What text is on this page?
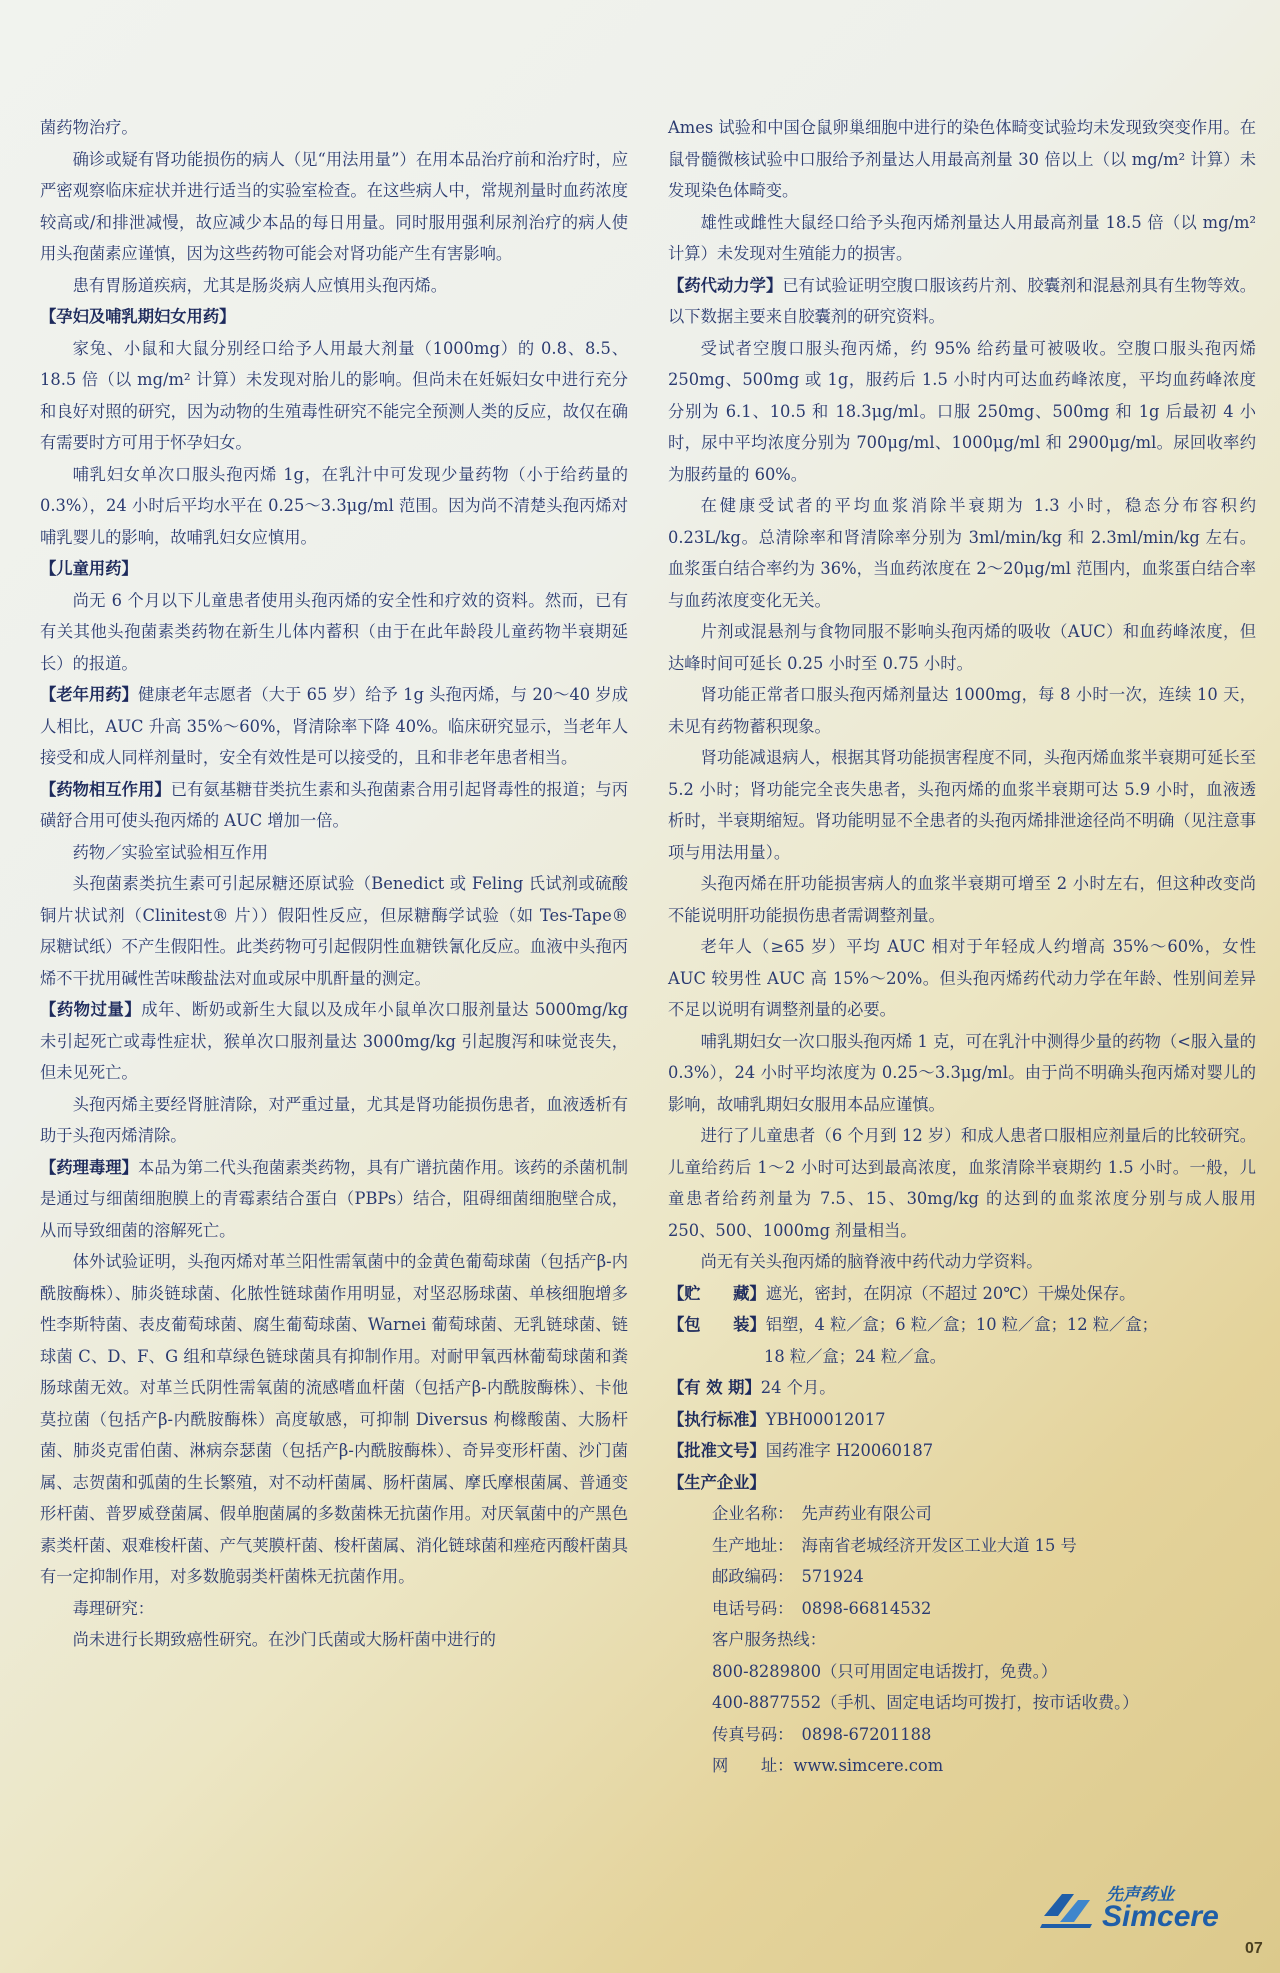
菌药物治疗。

确诊或疑有肾功能损伤的病人（见“用法用量”）在用本品治疗前和治疗时，应严密观察临床症状并进行适当的实验室检查。在这些病人中，常规剂量时血药浓度较高或/和排泄减慢，故应减少本品的每日用量。同时服用强利尿剂治疗的病人使用头孢菌素应谨慎，因为这些药物可能会对肾功能产生有害影响。

患有胃肠道疾病，尤其是肠炎病人应慎用头孢丙烯。

【孕妇及哺乳期妇女用药】

家兔、小鼠和大鼠分别经口给予人用最大剂量（1000mg）的 0.8、8.5、18.5 倍（以 mg/m² 计算）未发现对胎儿的影响。但尚未在妊娠妇女中进行充分和良好对照的研究，因为动物的生殖毒性研究不能完全预测人类的反应，故仅在确有需要时方可用于怀孕妇女。

哺乳妇女单次口服头孢丙烯 1g，在乳汁中可发现少量药物（小于给药量的 0.3%），24 小时后平均水平在 0.25～3.3μg/ml 范围。因为尚不清楚头孢丙烯对哺乳婴儿的影响，故哺乳妇女应慎用。

【儿童用药】

尚无 6 个月以下儿童患者使用头孢丙烯的安全性和疗效的资料。然而，已有有关其他头孢菌素类药物在新生儿体内蓄积（由于在此年龄段儿童药物半衰期延长）的报道。

【老年用药】健康老年志愿者（大于 65 岁）给予 1g 头孢丙烯，与 20～40 岁成人相比，AUC 升高 35%～60%，肾清除率下降 40%。临床研究显示，当老年人接受和成人同样剂量时，安全有效性是可以接受的，且和非老年患者相当。

【药物相互作用】已有氨基糖苷类抗生素和头孢菌素合用引起肾毒性的报道；与丙磺舒合用可使头孢丙烯的 AUC 增加一倍。

药物／实验室试验相互作用

头孢菌素类抗生素可引起尿糖还原试验（Benedict 或 Feling 氏试剂或硫酸铜片状试剂（Clinitest® 片））假阳性反应，但尿糖酶学试验（如 Tes-Tape® 尿糖试纸）不产生假阳性。此类药物可引起假阴性血糖铁氰化反应。血液中头孢丙烯不干扰用碱性苦味酸盐法对血或尿中肌酐量的测定。

【药物过量】成年、断奶或新生大鼠以及成年小鼠单次口服剂量达 5000mg/kg 未引起死亡或毒性症状，猴单次口服剂量达 3000mg/kg 引起腹泻和味觉丧失，但未见死亡。

头孢丙烯主要经肾脏清除，对严重过量，尤其是肾功能损伤患者，血液透析有助于头孢丙烯清除。

【药理毒理】本品为第二代头孢菌素类药物，具有广谱抗菌作用。该药的杀菌机制是通过与细菌细胞膜上的青霉素结合蛋白（PBPs）结合，阻碍细菌细胞壁合成，从而导致细菌的溶解死亡。

体外试验证明，头孢丙烯对革兰阳性需氧菌中的金黄色葡萄球菌（包括产β-内酰胺酶株）、肺炎链球菌、化脓性链球菌作用明显，对坚忍肠球菌、单核细胞增多性李斯特菌、表皮葡萄球菌、腐生葡萄球菌、Warnei 葡萄球菌、无乳链球菌、链球菌 C、D、F、G 组和草绿色链球菌具有抑制作用。对耐甲氧西林葡萄球菌和粪肠球菌无效。对革兰氏阴性需氧菌的流感嗜血杆菌（包括产β-内酰胺酶株）、卡他莫拉菌（包括产β-内酰胺酶株）高度敏感，可抑制 Diversus 枸橼酸菌、大肠杆菌、肺炎克雷伯菌、淋病奈瑟菌（包括产β-内酰胺酶株）、奇异变形杆菌、沙门菌属、志贺菌和弧菌的生长繁殖，对不动杆菌属、肠杆菌属、摩氏摩根菌属、普通变形杆菌、普罗威登菌属、假单胞菌属的多数菌株无抗菌作用。对厌氧菌中的产黑色素类杆菌、艰难梭杆菌、产气荚膜杆菌、梭杆菌属、消化链球菌和痤疮丙酸杆菌具有一定抑制作用，对多数脆弱类杆菌株无抗菌作用。

毒理研究：

尚未进行长期致癌性研究。在沙门氏菌或大肠杆菌中进行的

Ames 试验和中国仓鼠卵巢细胞中进行的染色体畸变试验均未发现致突变作用。在鼠骨髓微核试验中口服给予剂量达人用最高剂量 30 倍以上（以 mg/m² 计算）未发现染色体畸变。

雄性或雌性大鼠经口给予头孢丙烯剂量达人用最高剂量 18.5 倍（以 mg/m² 计算）未发现对生殖能力的损害。

【药代动力学】已有试验证明空腹口服该药片剂、胶囊剂和混悬剂具有生物等效。以下数据主要来自胶囊剂的研究资料。

受试者空腹口服头孢丙烯，约 95% 给药量可被吸收。空腹口服头孢丙烯 250mg、500mg 或 1g，服药后 1.5 小时内可达血药峰浓度，平均血药峰浓度分别为 6.1、10.5 和 18.3μg/ml。口服 250mg、500mg 和 1g 后最初 4 小时，尿中平均浓度分别为 700μg/ml、1000μg/ml 和 2900μg/ml。尿回收率约为服药量的 60%。

在健康受试者的平均血浆消除半衰期为 1.3 小时，稳态分布容积约 0.23L/kg。总清除率和肾清除率分别为 3ml/min/kg 和 2.3ml/min/kg 左右。血浆蛋白结合率约为 36%，当血药浓度在 2～20μg/ml 范围内，血浆蛋白结合率与血药浓度变化无关。

片剂或混悬剂与食物同服不影响头孢丙烯的吸收（AUC）和血药峰浓度，但达峰时间可延长 0.25 小时至 0.75 小时。

肾功能正常者口服头孢丙烯剂量达 1000mg，每 8 小时一次，连续 10 天，未见有药物蓄积现象。

肾功能减退病人，根据其肾功能损害程度不同，头孢丙烯血浆半衰期可延长至 5.2 小时；肾功能完全丧失患者，头孢丙烯的血浆半衰期可达 5.9 小时，血液透析时，半衰期缩短。肾功能明显不全患者的头孢丙烯排泄途径尚不明确（见注意事项与用法用量）。

头孢丙烯在肝功能损害病人的血浆半衰期可增至 2 小时左右，但这种改变尚不能说明肝功能损伤患者需调整剂量。

老年人（≥65 岁）平均 AUC 相对于年轻成人约增高 35%～60%，女性 AUC 较男性 AUC 高 15%～20%。但头孢丙烯药代动力学在年龄、性别间差异不足以说明有调整剂量的必要。

哺乳期妇女一次口服头孢丙烯 1 克，可在乳汁中测得少量的药物（<服入量的 0.3%），24 小时平均浓度为 0.25～3.3μg/ml。由于尚不明确头孢丙烯对婴儿的影响，故哺乳期妇女服用本品应谨慎。

进行了儿童患者（6 个月到 12 岁）和成人患者口服相应剂量后的比较研究。儿童给药后 1～2 小时可达到最高浓度，血浆清除半衰期约 1.5 小时。一般，儿童患者给药剂量为 7.5、15、30mg/kg 的达到的血浆浓度分别与成人服用 250、500、1000mg 剂量相当。

尚无有关头孢丙烯的脑脊液中药代动力学资料。

【贮　　藏】遮光，密封，在阴凉（不超过 20℃）干燥处保存。

【包　　装】铝塑，4 粒／盒；6 粒／盒；10 粒／盒；12 粒／盒；
18 粒／盒；24 粒／盒。

【有 效 期】24 个月。

【执行标准】YBH00012017

【批准文号】国药准字 H20060187

【生产企业】

企业名称：　先声药业有限公司

生产地址：　海南省老城经济开发区工业大道 15 号

邮政编码：　571924

电话号码：　0898-66814532

客户服务热线：

800-8289800（只可用固定电话拨打，免费。）

400-8877552（手机、固定电话均可拨打，按市话收费。）

传真号码：　0898-67201188

网　　址：www.simcere.com

先声药业
Simcere
07
